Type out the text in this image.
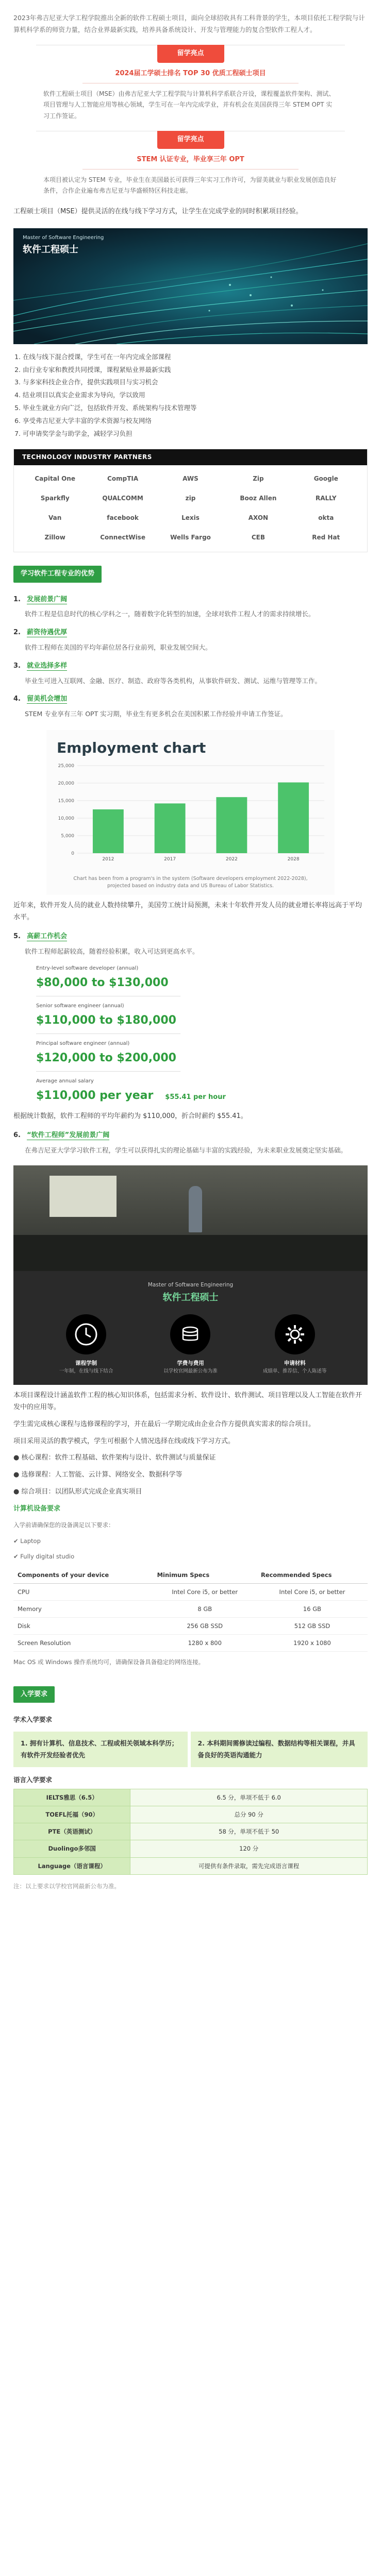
2023年弗吉尼亚大学工程学院推出全新的软件工程硕士项目，面向全球招收具有工科背景的学生，本项目依托工程学院与计算机科学系的师资力量，结合业界最新实践，培养具备系统设计、开发与管理能力的复合型软件工程人才。

留学亮点
2024届工学硕士排名 TOP 30 优质工程硕士项目

软件工程硕士项目（MSE）由弗吉尼亚大学工程学院与计算机科学系联合开设，课程覆盖软件架构、测试、项目管理与人工智能应用等核心领域，学生可在一年内完成学业，并有机会在美国获得三年 STEM OPT 实习工作签证。

留学亮点
STEM 认证专业，毕业享三年 OPT

本项目被认定为 STEM 专业，毕业生在美国最长可获得三年实习工作许可，为留美就业与职业发展创造良好条件，合作企业遍布弗吉尼亚与华盛顿特区科技走廊。

工程硕士项目（MSE）提供灵活的在线与线下学习方式，让学生在完成学业的同时积累项目经验。

Master of Software Engineering
软件工程硕士
1. 在线与线下混合授课，学生可在一年内完成全部课程
2. 由行业专家和教授共同授课，课程紧贴业界最新实践
3. 与多家科技企业合作，提供实践项目与实习机会
4. 结业项目以真实企业需求为导向，学以致用
5. 毕业生就业方向广泛，包括软件开发、系统架构与技术管理等
6. 享受弗吉尼亚大学丰富的学术资源与校友网络
7. 可申请奖学金与助学金，减轻学习负担
TECHNOLOGY INDUSTRY PARTNERS
Capital One	CompTIA	AWS	Zip	Google
Sparkfly	QUALCOMM	zip	Booz Allen	RALLY
Van	facebook	Lexis	AXON	okta
Zillow	ConnectWise	Wells Fargo	CEB	Red Hat
学习软件工程专业的优势
1. 发展前景广阔

软件工程是信息时代的核心学科之一，随着数字化转型的加速，全球对软件工程人才的需求持续增长。

2. 薪资待遇优厚

软件工程师在美国的平均年薪位居各行业前列，职业发展空间大。

3. 就业选择多样

毕业生可进入互联网、金融、医疗、制造、政府等各类机构，从事软件研发、测试、运维与管理等工作。

4. 留美机会增加

STEM 专业享有三年 OPT 实习期，毕业生有更多机会在美国积累工作经验并申请工作签证。

Employment chart
0
5,000
10,000
15,000
20,000
25,000
2012	2017	2022	2028
Chart has been from a program's in the system (Software developers employment 2022-2028), projected based on industry data and US Bureau of Labor Statistics.

近年来，软件开发人员的就业人数持续攀升，美国劳工统计局预测，未来十年软件开发人员的就业增长率将远高于平均水平。

5. 高薪工作机会

软件工程师起薪较高，随着经验积累，收入可达到更高水平。

Entry-level software developer (annual)
$80,000 to $130,000
Senior software engineer (annual)
$110,000 to $180,000
Principal software engineer (annual)
$120,000 to $200,000
Average annual salary
$110,000 per year $55.41 per hour

根据统计数据，软件工程师的平均年薪约为 $110,000，折合时薪约 $55.41。

6. “软件工程师”发展前景广阔

在弗吉尼亚大学学习软件工程，学生可以获得扎实的理论基础与丰富的实践经验，为未来职业发展奠定坚实基础。

Master of Software Engineering
软件工程硕士
课程学制
一年制，在线与线下结合
学费与费用
以学校官网最新公布为准
申请材料
成绩单、推荐信、个人陈述等

本项目课程设计涵盖软件工程的核心知识体系，包括需求分析、软件设计、软件测试、项目管理以及人工智能在软件开发中的应用等。

学生需完成核心课程与选修课程的学习，并在最后一学期完成由企业合作方提供真实需求的综合项目。

项目采用灵活的教学模式，学生可根据个人情况选择在线或线下学习方式。

● 核心课程：软件工程基础、软件架构与设计、软件测试与质量保证

● 选修课程：人工智能、云计算、网络安全、数据科学等

● 综合项目：以团队形式完成企业真实项目

计算机设备要求

入学前请确保您的设备满足以下要求：

✔ Laptop

✔ Fully digital studio

Components of your device	Minimum Specs	Recommended Specs
CPU	Intel Core i5, or better	Intel Core i5, or better
Memory	8 GB	16 GB
Disk	256 GB SSD	512 GB SSD
Screen Resolution	1280 x 800	1920 x 1080

Mac OS 或 Windows 操作系统均可，请确保设备具备稳定的网络连接。

入学要求
学术入学要求
1. 拥有计算机、信息技术、工程或相关领域本科学历；有软件开发经验者优先
2. 本科期间需修读过编程、数据结构等相关课程，并具备良好的英语沟通能力
语言入学要求
IELTS雅思（6.5）	6.5 分，单项不低于 6.0
TOEFL托福（90）	总分 90 分
PTE（英语测试）	58 分，单项不低于 50
Duolingo多邻国	120 分
Language（语言课程）	可提供有条件录取，需先完成语言课程

注：以上要求以学校官网最新公布为准。
